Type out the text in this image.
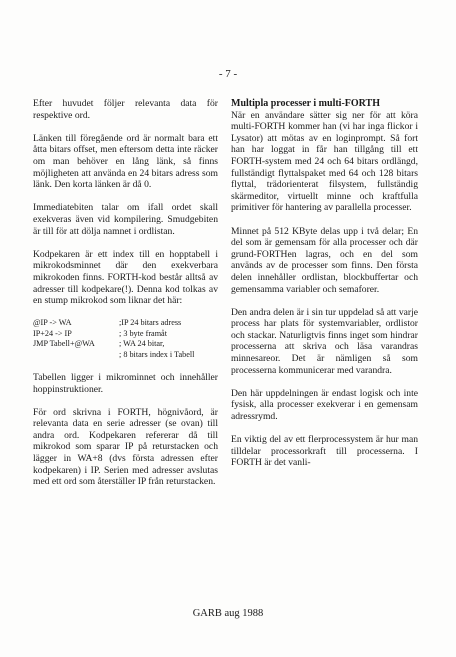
- 7 -

Efter huvudet följer relevanta data för respektive ord.

Länken till föregående ord är normalt bara ett åtta bitars offset, men eftersom detta inte räcker om man behöver en lång länk, så finns möjligheten att använda en 24 bitars adress som länk. Den korta länken är då 0.

Immediatebiten talar om ifall ordet skall exekveras även vid kompilering. Smudgebiten är till för att dölja namnet i ordlistan.

Kodpekaren är ett index till en hopptabell i mikrokodsminnet där den exekverbara mikrokoden finns. FORTH-kod består alltså av adresser till kodpekare(!). Denna kod tolkas av en stump mikrokod som liknar det här:

@IP -> WA	;IP 24 bitars adress
IP+24 -> IP	; 3 byte framåt
JMP Tabell+@WA	; WA 24 bitar,
; 8 bitars index i Tabell

Tabellen ligger i mikrominnet och innehåller hoppinstruktioner.

För ord skrivna i FORTH, högnivåord, är relevanta data en serie adresser (se ovan) till andra ord. Kodpekaren refererar då till mikrokod som sparar IP på returstacken och lägger in WA+8 (dvs första adressen efter kodpekaren) i IP. Serien med adresser avslutas med ett ord som återställer IP från returstacken.

Multipla processer i multi-FORTH

När en användare sätter sig ner för att köra multi-FORTH kommer han (vi har inga flickor i Lysator) att mötas av en loginprompt. Så fort han har loggat in får han tillgång till ett FORTH-system med 24 och 64 bitars ordlängd, fullständigt flyttalspaket med 64 och 128 bitars flyttal, trädorienterat filsystem, fullständig skärmeditor, virtuellt minne och kraftfulla primitiver för hantering av parallella processer.

Minnet på 512 KByte delas upp i två delar; En del som är gemensam för alla processer och där grund-FORTHen lagras, och en del som används av de processer som finns. Den första delen innehåller ordlistan, blockbuffertar och gemensamma variabler och semaforer.

Den andra delen är i sin tur uppdelad så att varje process har plats för systemvariabler, ordlistor och stackar. Naturligtvis finns inget som hindrar processerna att skriva och läsa varandras minnesareor. Det är nämligen så som processerna kommunicerar med varandra.

Den här uppdelningen är endast logisk och inte fysisk, alla processer exekverar i en gemensam adressrymd.

En viktig del av ett flerprocessystem är hur man tilldelar processorkraft till processerna. I FORTH är det vanli-

GARB aug 1988
